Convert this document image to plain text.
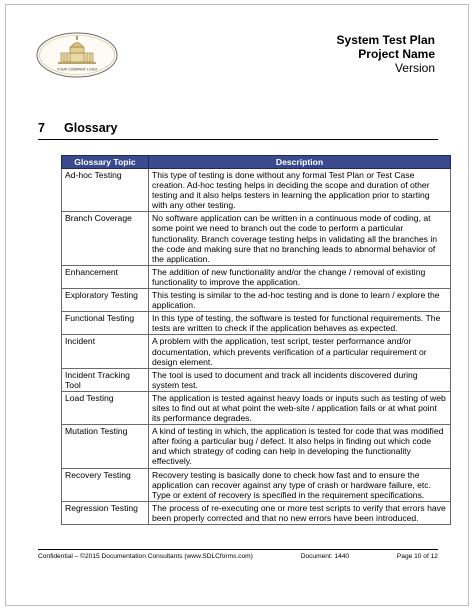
YOUR COMPANY LOGO
System Test Plan
Project Name
Version
7 Glossary
Glossary Topic	Description
Ad-hoc Testing	This type of testing is done without any formal Test Plan or Test Case creation. Ad-hoc testing helps in deciding the scope and duration of other testing and it also helps testers in learning the application prior to starting with any other testing.
Branch Coverage	No software application can be written in a continuous mode of coding, at some point we need to branch out the code to perform a particular functionality. Branch coverage testing helps in validating all the branches in the code and making sure that no branching leads to abnormal behavior of the application.
Enhancement	The addition of new functionality and/or the change / removal of existing functionality to improve the application.
Exploratory Testing	This testing is similar to the ad-hoc testing and is done to learn / explore the application.
Functional Testing	In this type of testing, the software is tested for functional requirements. The tests are written to check if the application behaves as expected.
Incident	A problem with the application, test script, tester performance and/or documentation, which prevents verification of a particular requirement or design element.
Incident Tracking Tool	The tool is used to document and track all incidents discovered during system test.
Load Testing	The application is tested against heavy loads or inputs such as testing of web sites to find out at what point the web-site / application fails or at what point its performance degrades.
Mutation Testing	A kind of testing in which, the application is tested for code that was modified after fixing a particular bug / defect. It also helps in finding out which code and which strategy of coding can help in developing the functionality effectively.
Recovery Testing	Recovery testing is basically done to check how fast and to ensure the application can recover against any type of crash or hardware failure, etc. Type or extent of recovery is specified in the requirement specifications.
Regression Testing	The process of re-executing one or more test scripts to verify that errors have been properly corrected and that no new errors have been introduced.
Confidential – ©2015 Documentation Consultants (www.SDLCforms.com)	Document: 1440	Page 10 of 12
